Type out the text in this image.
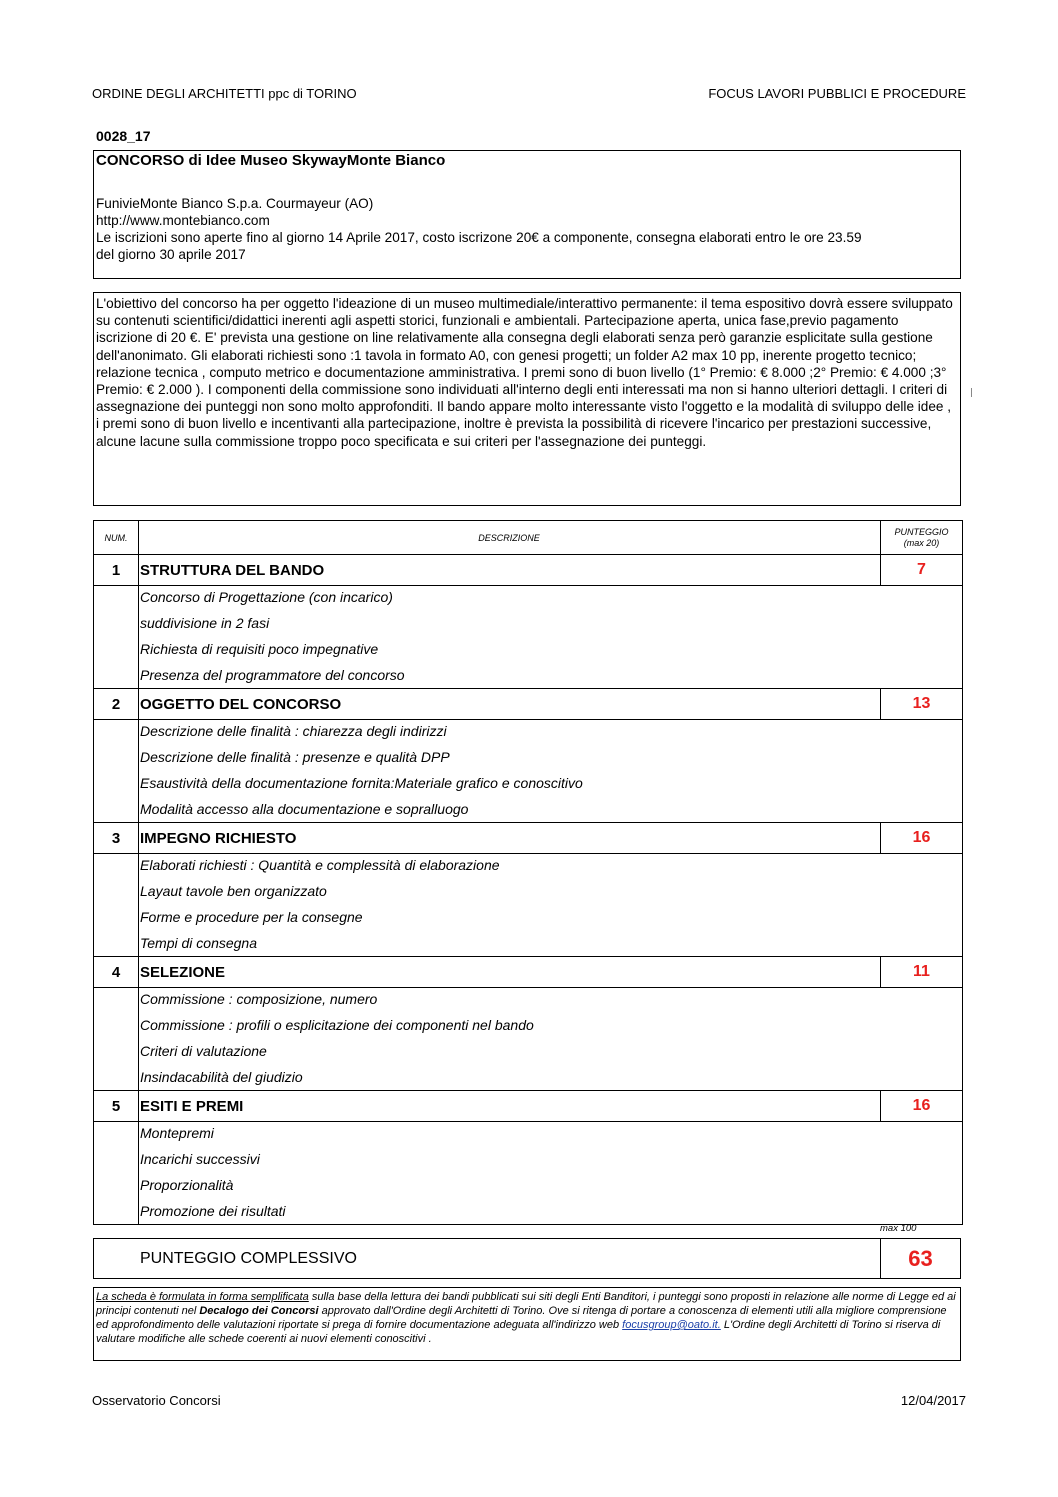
ORDINE DEGLI ARCHITETTI ppc di TORINO	FOCUS LAVORI PUBBLICI E PROCEDURE
0028_17
CONCORSO di Idee Museo SkywayMonte Bianco
FunivieMonte Bianco S.p.a. Courmayeur (AO)
http://www.montebianco.com
Le iscrizioni sono aperte fino al giorno 14 Aprile 2017, costo iscrizone 20€ a componente, consegna elaborati entro le ore 23.59
del giorno 30 aprile 2017
L'obiettivo del concorso ha per oggetto l'ideazione di un museo multimediale/interattivo permanente: il tema espositivo dovrà essere sviluppato su contenuti scientifici/didattici inerenti agli aspetti storici, funzionali e ambientali. Partecipazione aperta, unica fase,previo pagamento iscrizione di 20 €. E' prevista una gestione on line relativamente alla consegna degli elaborati senza però garanzie esplicitate sulla gestione dell'anonimato. Gli elaborati richiesti sono :1 tavola in formato A0, con genesi progetti; un folder A2 max 10 pp, inerente progetto tecnico; relazione tecnica , computo metrico e documentazione amministrativa. I premi sono di buon livello (1° Premio: € 8.000 ;2° Premio: € 4.000 ;3° Premio: € 2.000 ). I componenti della commissione sono individuati all'interno degli enti interessati ma non si hanno ulteriori dettagli. I criteri di assegnazione dei punteggi non sono molto approfonditi. Il bando appare molto interessante visto l'oggetto e la modalità di sviluppo delle idee , i premi sono di buon livello e incentivanti alla partecipazione, inoltre è prevista la possibilità di ricevere l'incarico per prestazioni successive, alcune lacune sulla commissione troppo poco specificata e sui criteri per l'assegnazione dei punteggi.
NUM.	DESCRIZIONE
PUNTEGGIO
(max 20)
1	STRUTTURA DEL BANDO	7
Concorso di Progettazione (con incarico)
suddivisione in 2 fasi
Richiesta di requisiti poco impegnative
Presenza del programmatore del concorso
2	OGGETTO DEL CONCORSO	13
Descrizione delle finalità : chiarezza degli indirizzi
Descrizione delle finalità : presenze e qualità DPP
Esaustività della documentazione fornita:Materiale grafico e conoscitivo
Modalità accesso alla documentazione e sopralluogo
3	IMPEGNO RICHIESTO	16
Elaborati richiesti : Quantità e complessità di elaborazione
Layaut tavole ben organizzato
Forme e procedure per la consegne
Tempi di consegna
4	SELEZIONE	11
Commissione : composizione, numero
Commissione : profili o esplicitazione dei componenti nel bando
Criteri di valutazione
Insindacabilità del giudizio
5	ESITI E PREMI	16
Montepremi
Incarichi successivi
Proporzionalità
Promozione dei risultati
max 100
PUNTEGGIO COMPLESSIVO	63
La scheda è formulata in forma semplificata sulla base della lettura dei bandi pubblicati sui siti degli Enti Banditori, i punteggi sono proposti in relazione alle norme di Legge ed ai principi contenuti nel Decalogo dei Concorsi approvato dall'Ordine degli Architetti di Torino. Ove si ritenga di portare a conoscenza di elementi utili alla migliore comprensione ed approfondimento delle valutazioni riportate si prega di fornire documentazione adeguata all'indirizzo web focusgroup@oato.it. L'Ordine degli Architetti di Torino si riserva di valutare modifiche alle schede coerenti ai nuovi elementi conoscitivi .
Osservatorio Concorsi	12/04/2017
